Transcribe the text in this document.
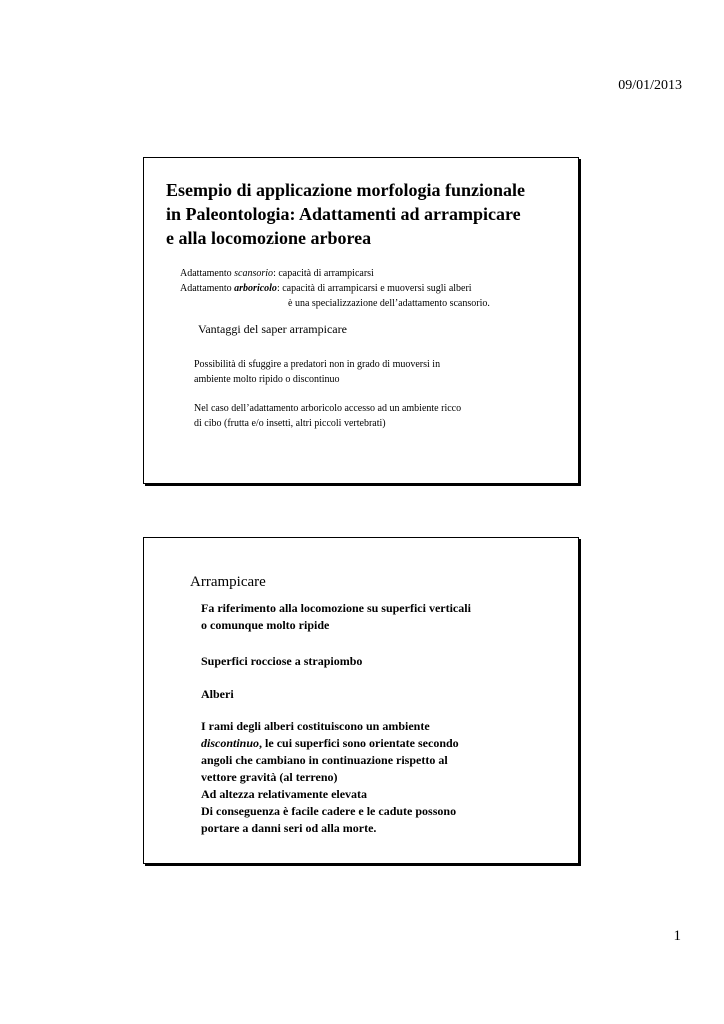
09/01/2013
Esempio di applicazione morfologia funzionale
in Paleontologia: Adattamenti ad arrampicare
e alla locomozione arborea
Adattamento scansorio: capacità di arrampicarsi
Adattamento arboricolo: capacità di arrampicarsi e muoversi sugli alberi
è una specializzazione dell’adattamento scansorio.
Vantaggi del saper arrampicare
Possibilità di sfuggire a predatori non in grado di muoversi in
ambiente molto ripido o discontinuo
Nel caso dell’adattamento arboricolo accesso ad un ambiente ricco
di cibo (frutta e/o insetti, altri piccoli vertebrati)
Arrampicare
Fa riferimento alla locomozione su superfici verticali
o comunque molto ripide
Superfici rocciose a strapiombo
Alberi
I rami degli alberi costituiscono un ambiente
discontinuo, le cui superfici sono orientate secondo
angoli che cambiano in continuazione rispetto al
vettore gravità (al terreno)
Ad altezza relativamente elevata
Di conseguenza è facile cadere e le cadute possono
portare a danni seri od alla morte.
1
